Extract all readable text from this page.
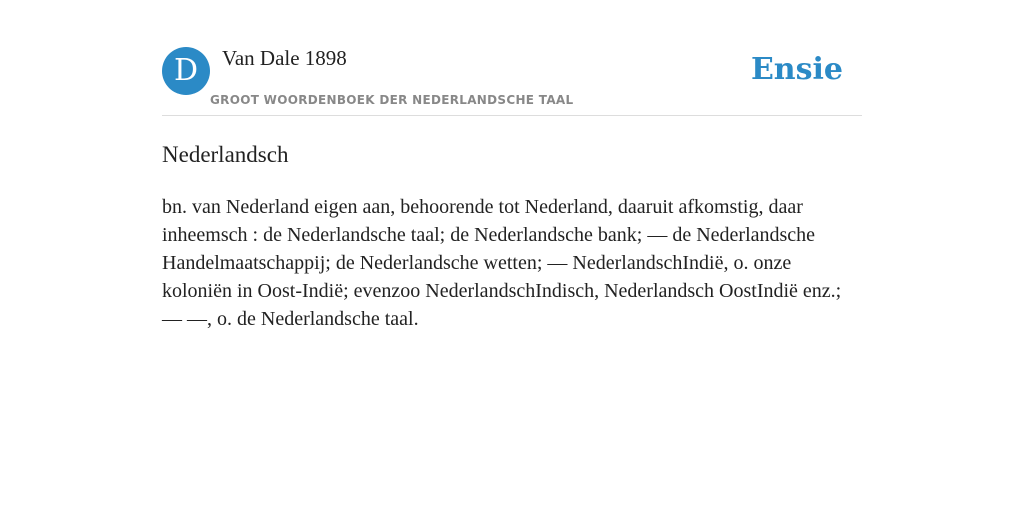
D	Van Dale 1898
GROOT WOORDENBOEK DER NEDERLANDSCHE TAAL
Ensie
Nederlandsch

bn. van Nederland eigen aan, behoorende tot Nederland, daaruit afkomstig, daar inheemsch : de Nederlandsche taal; de Nederlandsche bank; — de Nederlandsche Handelmaatschappij; de Nederlandsche wetten; — NederlandschIndië, o. onze koloniën in Oost-Indië; evenzoo NederlandschIndisch, Nederlandsch OostIndië enz.; — —, o. de Nederlandsche taal.
